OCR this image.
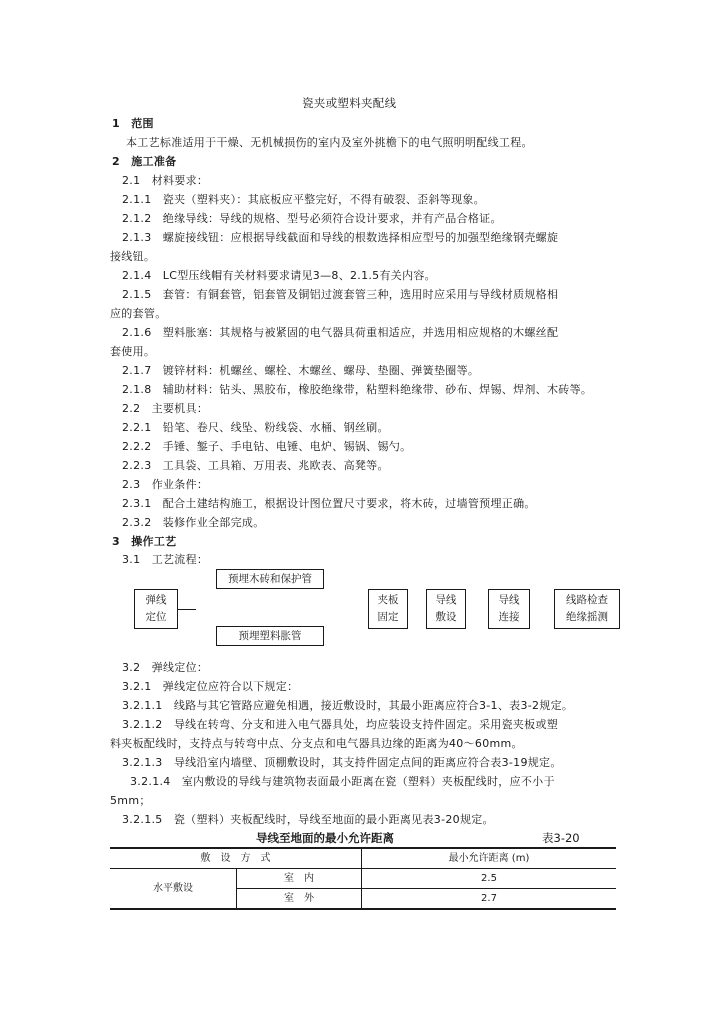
瓷夹或塑料夹配线
1　范围
本工艺标准适用于干燥、无机械损伤的室内及室外挑檐下的电气照明明配线工程。
2　施工准备
2.1　材料要求：
2.1.1　瓷夹（塑料夹）：其底板应平整完好，不得有破裂、歪斜等现象。
2.1.2　绝缘导线：导线的规格、型号必须符合设计要求，并有产品合格证。
2.1.3　螺旋接线钮：应根据导线截面和导线的根数选择相应型号的加强型绝缘钢壳螺旋
接线钮。
2.1.4　LC型压线帽有关材料要求请见3—8、2.1.5有关内容。
2.1.5　套管：有铜套管，铝套管及铜铝过渡套管三种，选用时应采用与导线材质规格相
应的套管。
2.1.6　塑料胀塞：其规格与被紧固的电气器具荷重相适应，并选用相应规格的木螺丝配
套使用。
2.1.7　镀锌材料：机螺丝、螺栓、木螺丝、螺母、垫圈、弹簧垫圈等。
2.1.8　辅助材料：钻头、黑胶布，橡胶绝缘带，粘塑料绝缘带、砂布、焊锡、焊剂、木砖等。
2.2　主要机具：
2.2.1　铅笔、卷尺、线坠、粉线袋、水桶、钢丝刷。
2.2.2　手锤、錾子、手电钻、电锤、电炉、锡锅、锡勺。
2.2.3　工具袋、工具箱、万用表、兆欧表、高凳等。
2.3　作业条件：
2.3.1　配合土建结构施工，根据设计图位置尺寸要求，将木砖，过墙管预埋正确。
2.3.2　装修作业全部完成。
3　操作工艺
3.1　工艺流程：
预埋木砖和保护管
弹线
定位
预埋塑料胀管
夹板
固定
导线
敷设
导线
连接
线路检查
绝缘摇测
3.2　弹线定位：
3.2.1　弹线定位应符合以下规定：
3.2.1.1　线路与其它管路应避免相遇，接近敷设时，其最小距离应符合3-1、表3-2规定。
3.2.1.2　导线在转弯、分支和进入电气器具处，均应装设支持件固定。采用瓷夹板或塑
料夹板配线时，支持点与转弯中点、分支点和电气器具边缘的距离为40～60mm。
3.2.1.3　导线沿室内墙壁、顶棚敷设时，其支持件固定点间的距离应符合表3-19规定。
3.2.1.4　室内敷设的导线与建筑物表面最小距离在瓷（塑料）夹板配线时，应不小于
5mm；
3.2.1.5　瓷（塑料）夹板配线时，导线至地面的最小距离见表3-20规定。
导线至地面的最小允许距离	表3-20
敷　设　方　式	最小允许距离 (m)
水平敷设
室　内	2.5
室　外	2.7
